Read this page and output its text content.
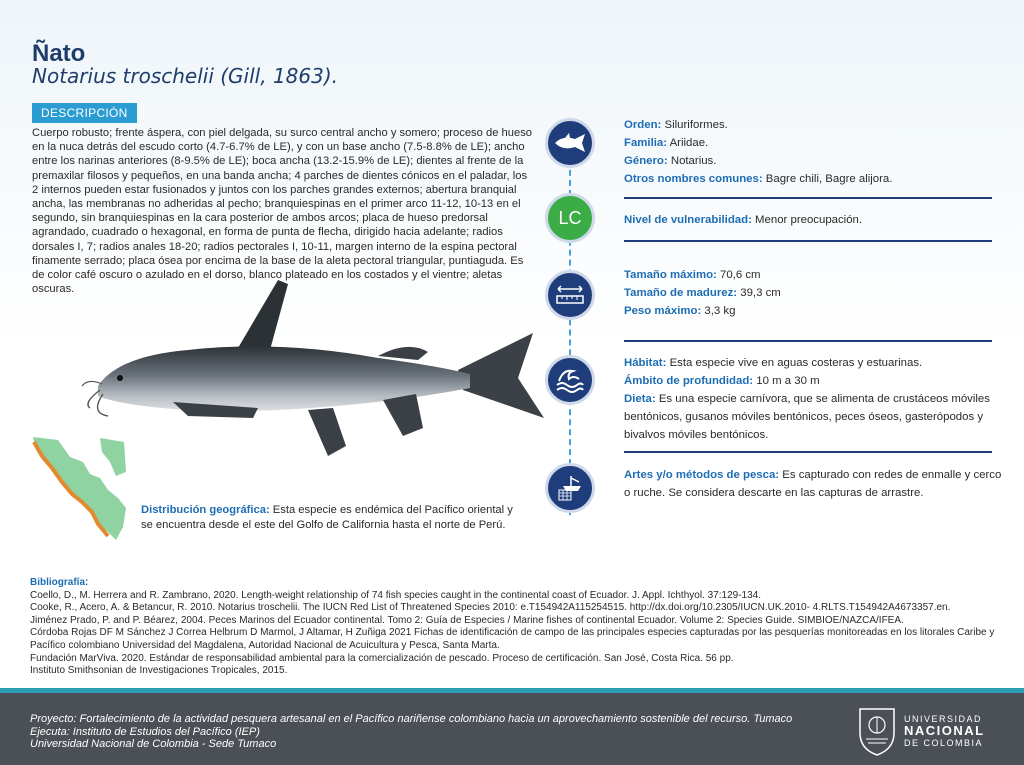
Ñato
Notarius troschelii (Gill, 1863).
DESCRIPCIÓN
Cuerpo robusto; frente áspera, con piel delgada, su surco central ancho y somero; proceso de hueso en la nuca detrás del escudo corto (4.7-6.7% de LE), y con un base ancho (7.5-8.8% de LE); ancho entre los narinas anteriores (8-9.5% de LE); boca ancha (13.2-15.9% de LE); dientes al frente de la premaxilar filosos y pequeños, en una banda ancha; 4 parches de dientes cónicos en el paladar, los 2 internos pueden estar fusionados y juntos con los parches grandes externos; abertura branquial ancha, las membranas no adheridas al pecho; branquiespinas en el primer arco 11-12, 10-13 en el segundo, sin branquiespinas en la cara posterior de ambos arcos; placa de hueso predorsal agrandado, cuadrado o hexagonal, en forma de punta de flecha, dirigido hacia adelante; radios dorsales I, 7; radios anales 18-20; radios pectorales I, 10-11, margen interno de la espina pectoral finamente serrado; placa ósea por encima de la base de la aleta pectoral triangular, puntiaguda. Es de color café oscuro o azulado en el dorso, blanco plateado en los costados y el vientre; aletas oscuras.
Distribución geográfica: Esta especie es endémica del Pacífico oriental y se encuentra desde el este del Golfo de California hasta el norte de Perú.
LC
Orden: Siluriformes.
Familia: Ariidae.
Género: Notarius.
Otros nombres comunes: Bagre chili, Bagre alijora.
Nivel de vulnerabilidad: Menor preocupación.
Tamaño máximo: 70,6 cm
Tamaño de madurez: 39,3 cm
Peso máximo: 3,3 kg
Hábitat: Esta especie vive en aguas costeras y estuarinas.
Ámbito de profundidad: 10 m a 30 m
Dieta: Es una especie carnívora, que se alimenta de crustáceos móviles bentónicos, gusanos móviles bentónicos, peces óseos, gasterópodos y bivalvos móviles bentónicos.
Artes y/o métodos de pesca: Es capturado con redes de enmalle y cerco o ruche. Se considera descarte en las capturas de arrastre.
Bibliografía:
Coello, D., M. Herrera and R. Zambrano, 2020. Length-weight relationship of 74 fish species caught in the continental coast of Ecuador. J. Appl. Ichthyol. 37:129-134.
Cooke, R., Acero, A. & Betancur, R. 2010. Notarius troschelii. The IUCN Red List of Threatened Species 2010: e.T154942A115254515. http://dx.doi.org/10.2305/IUCN.UK.2010- 4.RLTS.T154942A4673357.en.
Jiménez Prado, P. and P. Béarez, 2004. Peces Marinos del Ecuador continental. Tomo 2: Guía de Especies / Marine fishes of continental Ecuador. Volume 2: Species Guide. SIMBIOE/NAZCA/IFEA.
Córdoba Rojas DF M Sánchez J Correa Helbrum D Marmol, J Altamar, H Zuñiga 2021 Fichas de identificación de campo de las principales especies capturadas por las pesquerías monitoreadas en los litorales Caribe y Pacífico colombiano Universidad del Magdalena, Autoridad Nacional de Acuicultura y Pesca, Santa Marta.
Fundación MarViva. 2020. Estándar de responsabilidad ambiental para la comercialización de pescado. Proceso de certificación. San José, Costa Rica. 56 pp.
Instituto Smithsonian de Investigaciones Tropicales, 2015.
Proyecto: Fortalecimiento de la actividad pesquera artesanal en el Pacífico nariñense colombiano hacia un aprovechamiento sostenible del recurso. Tumaco
Ejecuta: Instituto de Estudios del Pacífico (IEP)
Universidad Nacional de Colombia - Sede Tumaco
UNIVERSIDAD
NACIONAL
DE COLOMBIA
